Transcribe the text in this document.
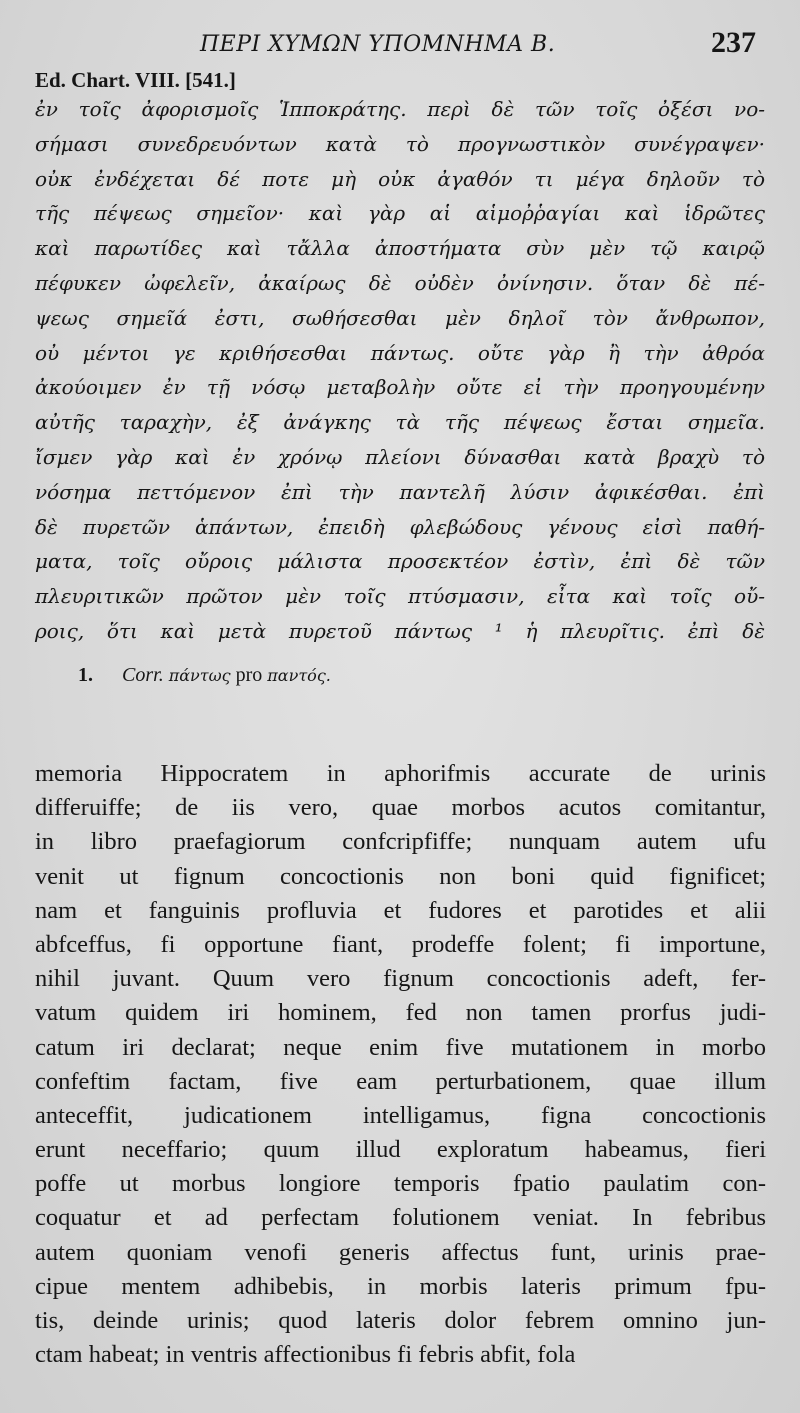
ΠΕΡΙ ΧΥΜΩΝ ΥΠΟΜΝΗΜΑ Β.	237
Ed. Chart. VIII. [541.]
ἐν τοῖς ἀφορισμοῖς Ἱπποκράτης. περὶ δὲ τῶν τοῖς ὀξέσι νο-
σήμασι συνεδρευόντων κατὰ τὸ προγνωστικὸν συνέγραψεν·
οὐκ ἐνδέχεται δέ ποτε μὴ οὐκ ἀγαθόν τι μέγα δηλοῦν τὸ
τῆς πέψεως σημεῖον· καὶ γὰρ αἱ αἱμοῤῥαγίαι καὶ ἱδρῶτες
καὶ παρωτίδες καὶ τἄλλα ἀποστήματα σὺν μὲν τῷ καιρῷ
πέφυκεν ὠφελεῖν, ἀκαίρως δὲ οὐδὲν ὀνίνησιν. ὅταν δὲ πέ-
ψεως σημεῖά ἐστι, σωθήσεσθαι μὲν δηλοῖ τὸν ἄνθρωπον,
οὐ μέντοι γε κριθήσεσθαι πάντως. οὔτε γὰρ ἢ τὴν ἀθρόα
ἀκούοιμεν ἐν τῇ νόσῳ μεταβολὴν οὔτε εἰ τὴν προηγουμένην
αὐτῆς ταραχὴν, ἐξ ἀνάγκης τὰ τῆς πέψεως ἔσται σημεῖα.
ἴσμεν γὰρ καὶ ἐν χρόνῳ πλείονι δύνασθαι κατὰ βραχὺ τὸ
νόσημα πεττόμενον ἐπὶ τὴν παντελῆ λύσιν ἀφικέσθαι. ἐπὶ
δὲ πυρετῶν ἁπάντων, ἐπειδὴ φλεβώδους γένους εἰσὶ παθή-
ματα, τοῖς οὔροις μάλιστα προσεκτέον ἐστὶν, ἐπὶ δὲ τῶν
πλευριτικῶν πρῶτον μὲν τοῖς πτύσμασιν, εἶτα καὶ τοῖς οὔ-
ροις, ὅτι καὶ μετὰ πυρετοῦ πάντως ¹ ἡ πλευρῖτις. ἐπὶ δὲ
1. Corr. πάντως pro παντός.
memoria Hippocratem in aphorifmis accurate de urinis
differuiffe; de iis vero, quae morbos acutos comitantur,
in libro praefagiorum confcripfiffe; nunquam autem ufu
venit ut fignum concoctionis non boni quid fignificet;
nam et fanguinis profluvia et fudores et parotides et alii
abfceffus, fi opportune fiant, prodeffe folent; fi importune,
nihil juvant. Quum vero fignum concoctionis adeft, fer-
vatum quidem iri hominem, fed non tamen prorfus judi-
catum iri declarat; neque enim five mutationem in morbo
confeftim factam, five eam perturbationem, quae illum
anteceffit, judicationem intelligamus, figna concoctionis
erunt neceffario; quum illud exploratum habeamus, fieri
poffe ut morbus longiore temporis fpatio paulatim con-
coquatur et ad perfectam folutionem veniat. In febribus
autem quoniam venofi generis affectus funt, urinis prae-
cipue mentem adhibebis, in morbis lateris primum fpu-
tis, deinde urinis; quod lateris dolor febrem omnino jun-
ctam habeat; in ventris affectionibus fi febris abfit, fola
